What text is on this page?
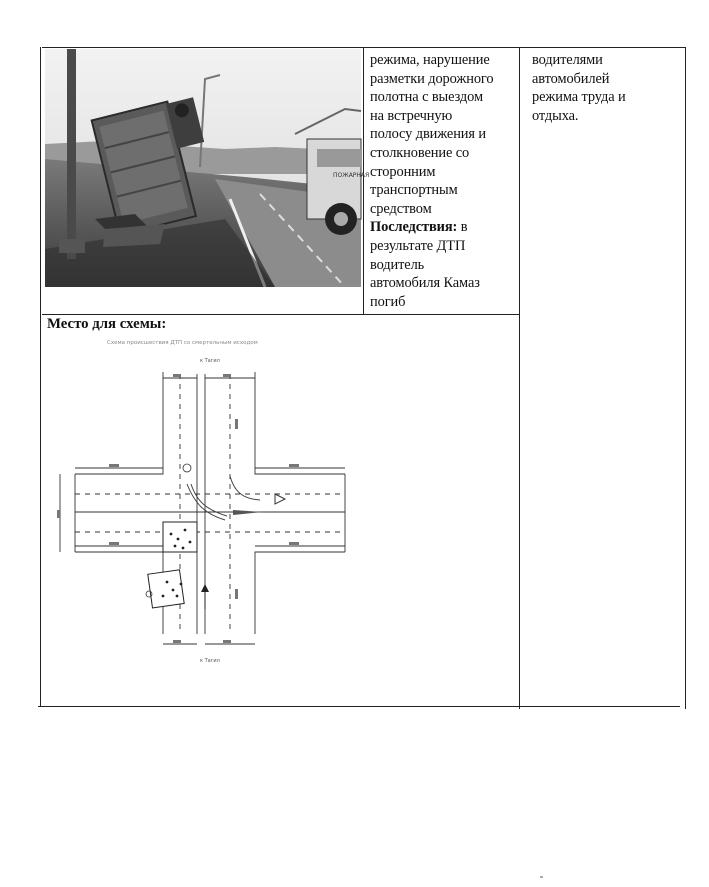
ПОЖАРНАЯ
режима, нарушение
разметки дорожного
полотна с выездом
на встречную
полосу движения и
столкновение со
сторонним
транспортным
средством
Последствия: в
результате ДТП
водитель
автомобиля Камаз
погиб
водителями
автомобилей
режима труда и
отдыха.
Место для схемы:
Схема происшествия ДТП со смертельным исходом
к Тагил
к Тагил
